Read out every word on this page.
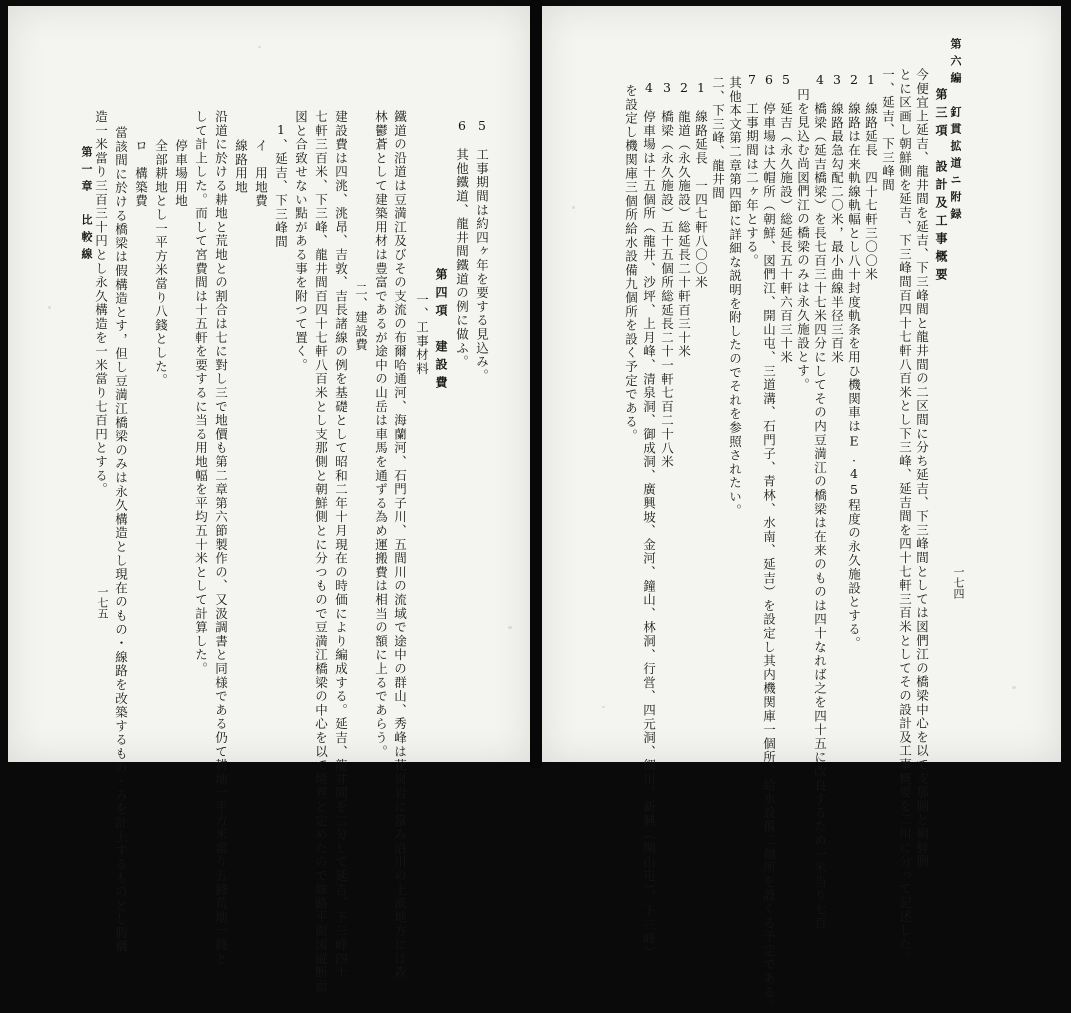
5　工事期間は約四ヶ年を要する見込み。
6　其他鐵道、龍井間鐵道の例に做ふ。
第四項　建設費
一、工事材料
鐵道の沿道は豆満江及びその支流の布爾哈通河、海蘭河、石門子川、五間川の流域で途中の群山、秀峰は花崗岩に富み沿川の上流地方には森
林鬱蒼として建築用材は豊富であるが途中の山岳は車馬を通ずる為め運搬費は相当の額に上るであらう。
二、建設費
建設費は四洮、洮昂、吉敦、吉長諸線の例を基礎として昭和二年十月現在の時価により編成する。延吉、龍井間を二分して延吉、下三峰四十
七軒三百米、下三峰、龍井間百四十七軒八百米とし支那側と朝鮮側とに分つもので豆満江橋梁の中心を以て境界と定めたので線路平面図縦断面
図と合致せない點がある事を附つて置く。
1、延吉、下三峰間
イ　用地費
線路用地
沿道に於ける耕地と荒地との割合は七に對し三で地價も第二章第六節製作の、又汲調書と同様である仍て耕地一平方米當り五錢荒地一錢と
して計上した。而して宮費間は十五軒を要するに当る用地幅を平均五十米として計算した。
停車場用地
全部耕地とし一平方米當り八錢とした。
ロ　構築費
當該間に於ける橋梁は假構造とす，但し豆満江橋梁のみは永久構造とし現在のもの・線路を改築するもの・みを計上するものとし假構
造一米當り三百三十円とし永久構造を一米當り七百円とする。
第一章　比較線
一七五
第六編　釘貫拡道ニ附録
第三項　設計及工事概要
今便宜上延吉、龍井間を延吉、下三峰間と龍井間の二区間に分ち延吉、下三峰間としては図們江の橋梁中心を以て支那側と朝鮮側
とに区画し朝鮮側を延吉、下三峰間百四十七軒八百米とし下三峰、延吉間を四十七軒三百米としてその設計及工事概要を二川に分って記述した。
一、延吉、下三峰間
1　線路延長　四十七軒三〇〇米
2　線路は在来軌線軌幅とし八十封度軌条を用ひ機関車はE.45程度の永久施設とする。
3　線路最急勾配二〇米，最小曲線半径三百米
4　橋梁（延吉橋梁）を長七百三十七米四分にしてその内豆満江の橋梁は在来のものは四十なれば之を四十五に改良するため一米当り七百
円を見込む尚図們江の橋梁のみは永久施設とす。
5　延吉（永久施設）総延長五十軒六百三十米
6　停車場は大帽所（朝鮮、図們江、開山屯、三道溝、石門子、青林、水南、延吉）を設定し其内機関庫一個所、給水設備二個所を設くる予定である。
7　工事期間は二ヶ年とする。
其他本文第二章第四節に詳細な説明を附したのでそれを参照されたい。
二、下三峰、龍井間
1　線路延長　一四七軒八〇〇米
2　龍道（永久施設）総延長二十軒百三十米
3　橋梁（永久施設）五十五個所総延長二十一軒七百二十八米
4　停車場は十五個所（龍井、沙坪、上月峰、清泉洞、御成洞、廣興坡、金河、鐘山、林洞、行営、四元洞、細川、新興（開山屯）、下三峰）
を設定し機関庫三個所給水設備九個所を設く予定である。
一七四
